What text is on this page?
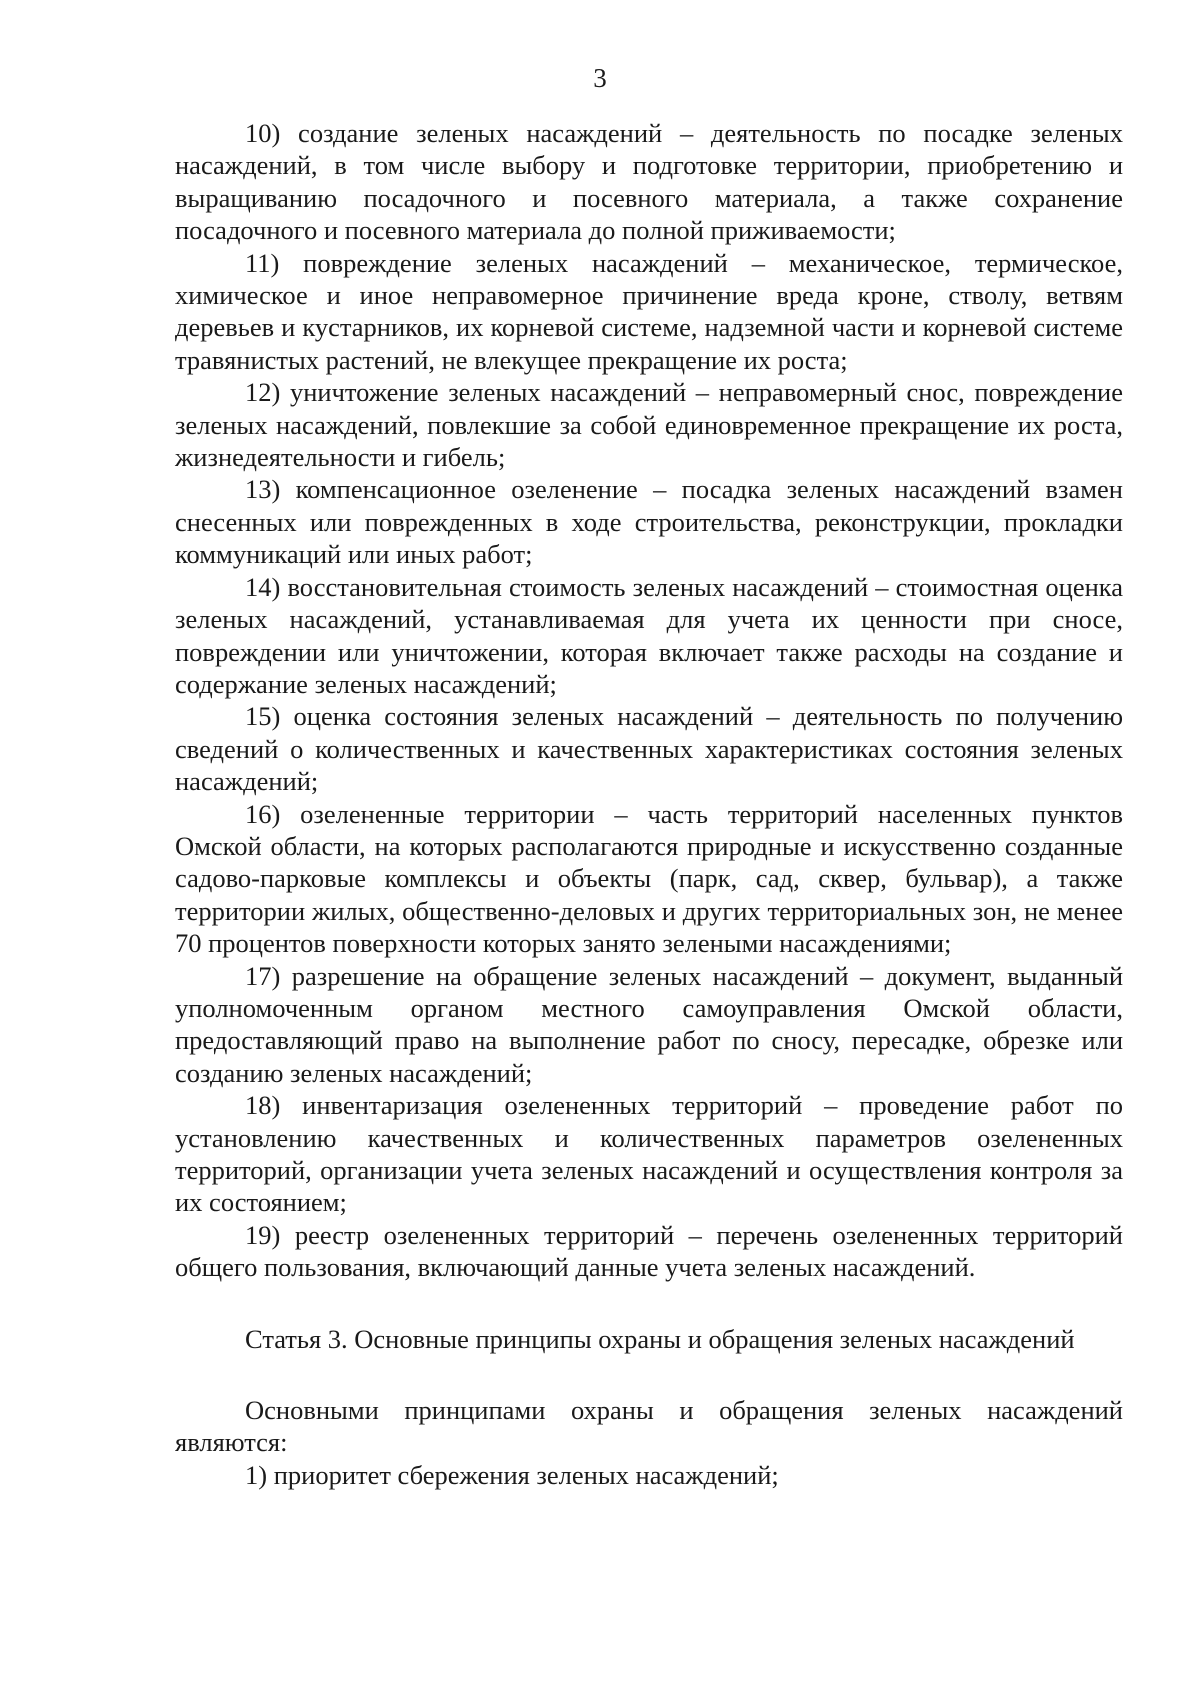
3

10) создание зеленых насаждений – деятельность по посадке зеленых насаждений, в том числе выбору и подготовке территории, приобретению и выращиванию посадочного и посевного материала, а также сохранение посадочного и посевного материала до полной приживаемости;

11) повреждение зеленых насаждений – механическое, термическое, химическое и иное неправомерное причинение вреда кроне, стволу, ветвям деревьев и кустарников, их корневой системе, надземной части и корневой системе травянистых растений, не влекущее прекращение их роста;

12) уничтожение зеленых насаждений – неправомерный снос, повреждение зеленых насаждений, повлекшие за собой единовременное прекращение их роста, жизнедеятельности и гибель;

13) компенсационное озеленение – посадка зеленых насаждений взамен снесенных или поврежденных в ходе строительства, реконструкции, прокладки коммуникаций или иных работ;

14) восстановительная стоимость зеленых насаждений – стоимостная оценка зеленых насаждений, устанавливаемая для учета их ценности при сносе, повреждении или уничтожении, которая включает также расходы на создание и содержание зеленых насаждений;

15) оценка состояния зеленых насаждений – деятельность по получению сведений о количественных и качественных характеристиках состояния зеленых насаждений;

16) озелененные территории – часть территорий населенных пунктов Омской области, на которых располагаются природные и искусственно созданные садово-парковые комплексы и объекты (парк, сад, сквер, бульвар), а также территории жилых, общественно-деловых и других территориальных зон, не менее 70 процентов поверхности которых занято зелеными насаждениями;

17) разрешение на обращение зеленых насаждений – документ, выданный уполномоченным органом местного самоуправления Омской области, предоставляющий право на выполнение работ по сносу, пересадке, обрезке или созданию зеленых насаждений;

18) инвентаризация озелененных территорий – проведение работ по установлению качественных и количественных параметров озелененных территорий, организации учета зеленых насаждений и осуществления контроля за их состоянием;

19) реестр озелененных территорий – перечень озелененных территорий общего пользования, включающий данные учета зеленых насаждений.

Статья 3. Основные принципы охраны и обращения зеленых насаждений

Основными принципами охраны и обращения зеленых насаждений являются:

1) приоритет сбережения зеленых насаждений;
